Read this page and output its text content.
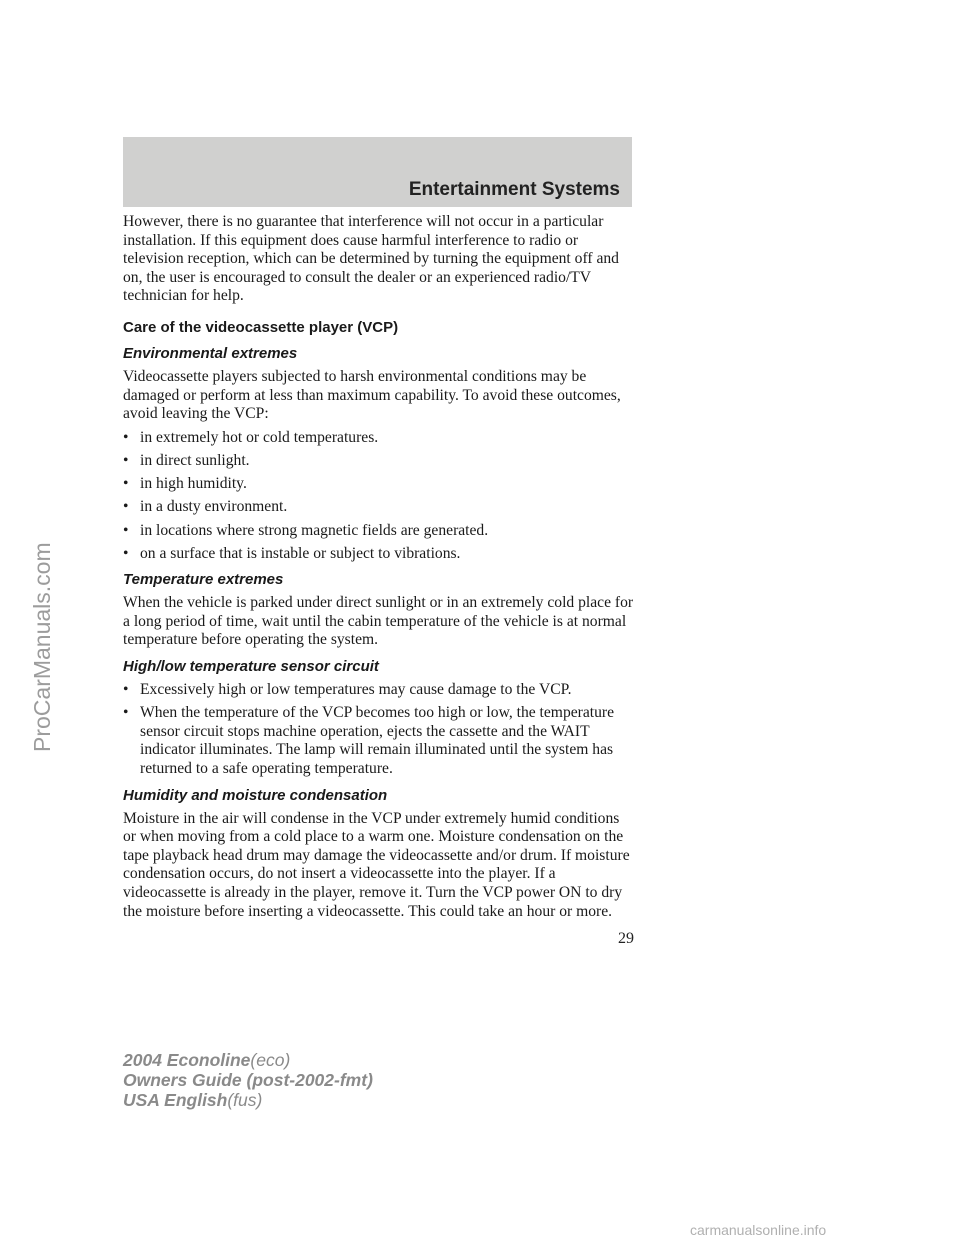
Entertainment Systems

However, there is no guarantee that interference will not occur in a particular installation. If this equipment does cause harmful interference to radio or television reception, which can be determined by turning the equipment off and on, the user is encouraged to consult the dealer or an experienced radio/TV technician for help.

Care of the videocassette player (VCP)
Environmental extremes

Videocassette players subjected to harsh environmental conditions may be damaged or perform at less than maximum capability. To avoid these outcomes, avoid leaving the VCP:

• in extremely hot or cold temperatures.
• in direct sunlight.
• in high humidity.
• in a dusty environment.
• in locations where strong magnetic fields are generated.
• on a surface that is instable or subject to vibrations.
Temperature extremes

When the vehicle is parked under direct sunlight or in an extremely cold place for a long period of time, wait until the cabin temperature of the vehicle is at normal temperature before operating the system.

High/low temperature sensor circuit
• Excessively high or low temperatures may cause damage to the VCP.
• When the temperature of the VCP becomes too high or low, the temperature sensor circuit stops machine operation, ejects the cassette and the WAIT indicator illuminates. The lamp will remain illuminated until the system has returned to a safe operating temperature.
Humidity and moisture condensation

Moisture in the air will condense in the VCP under extremely humid conditions or when moving from a cold place to a warm one. Moisture condensation on the tape playback head drum may damage the videocassette and/or drum. If moisture condensation occurs, do not insert a videocassette into the player. If a videocassette is already in the player, remove it. Turn the VCP power ON to dry the moisture before inserting a videocassette. This could take an hour or more.

29
2004 Econoline(eco)
Owners Guide (post-2002-fmt)
USA English(fus)
ProCarManuals.com
carmanualsonline.info
